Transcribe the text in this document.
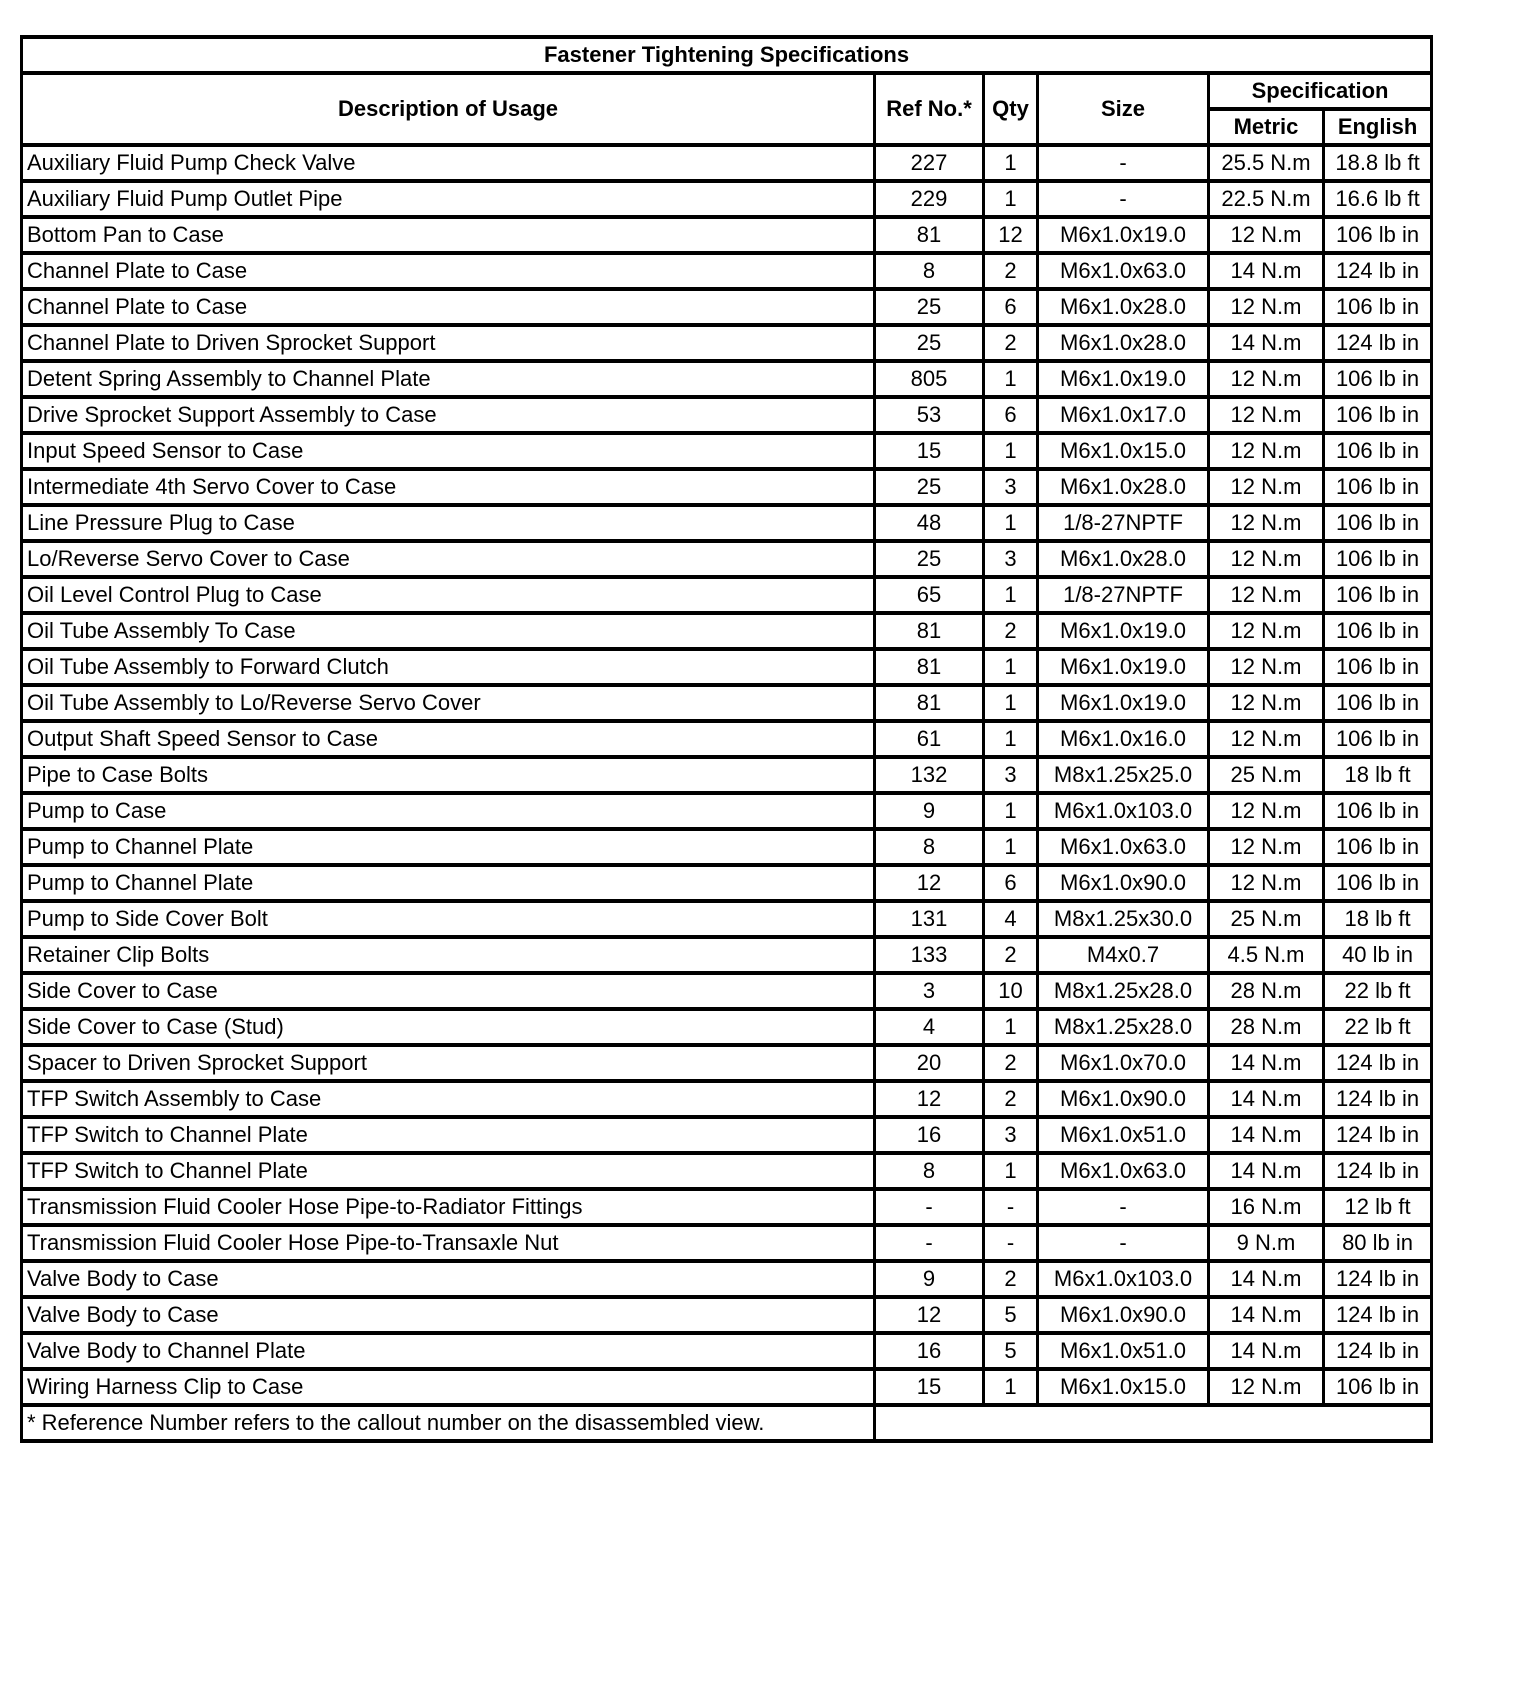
Fastener Tightening Specifications					
Description of Usage	Ref No.*	Qty	Size	Specification	
				Metric	English
Auxiliary Fluid Pump Check Valve	227	1	-	25.5 N.m	18.8 lb ft
Auxiliary Fluid Pump Outlet Pipe	229	1	-	22.5 N.m	16.6 lb ft
Bottom Pan to Case	81	12	M6x1.0x19.0	12 N.m	106 lb in
Channel Plate to Case	8	2	M6x1.0x63.0	14 N.m	124 lb in
Channel Plate to Case	25	6	M6x1.0x28.0	12 N.m	106 lb in
Channel Plate to Driven Sprocket Support	25	2	M6x1.0x28.0	14 N.m	124 lb in
Detent Spring Assembly to Channel Plate	805	1	M6x1.0x19.0	12 N.m	106 lb in
Drive Sprocket Support Assembly to Case	53	6	M6x1.0x17.0	12 N.m	106 lb in
Input Speed Sensor to Case	15	1	M6x1.0x15.0	12 N.m	106 lb in
Intermediate 4th Servo Cover to Case	25	3	M6x1.0x28.0	12 N.m	106 lb in
Line Pressure Plug to Case	48	1	1/8-27NPTF	12 N.m	106 lb in
Lo/Reverse Servo Cover to Case	25	3	M6x1.0x28.0	12 N.m	106 lb in
Oil Level Control Plug to Case	65	1	1/8-27NPTF	12 N.m	106 lb in
Oil Tube Assembly To Case	81	2	M6x1.0x19.0	12 N.m	106 lb in
Oil Tube Assembly to Forward Clutch	81	1	M6x1.0x19.0	12 N.m	106 lb in
Oil Tube Assembly to Lo/Reverse Servo Cover	81	1	M6x1.0x19.0	12 N.m	106 lb in
Output Shaft Speed Sensor to Case	61	1	M6x1.0x16.0	12 N.m	106 lb in
Pipe to Case Bolts	132	3	M8x1.25x25.0	25 N.m	18 lb ft
Pump to Case	9	1	M6x1.0x103.0	12 N.m	106 lb in
Pump to Channel Plate	8	1	M6x1.0x63.0	12 N.m	106 lb in
Pump to Channel Plate	12	6	M6x1.0x90.0	12 N.m	106 lb in
Pump to Side Cover Bolt	131	4	M8x1.25x30.0	25 N.m	18 lb ft
Retainer Clip Bolts	133	2	M4x0.7	4.5 N.m	40 lb in
Side Cover to Case	3	10	M8x1.25x28.0	28 N.m	22 lb ft
Side Cover to Case (Stud)	4	1	M8x1.25x28.0	28 N.m	22 lb ft
Spacer to Driven Sprocket Support	20	2	M6x1.0x70.0	14 N.m	124 lb in
TFP Switch Assembly to Case	12	2	M6x1.0x90.0	14 N.m	124 lb in
TFP Switch to Channel Plate	16	3	M6x1.0x51.0	14 N.m	124 lb in
TFP Switch to Channel Plate	8	1	M6x1.0x63.0	14 N.m	124 lb in
Transmission Fluid Cooler Hose Pipe-to-Radiator Fittings	-	-	-	16 N.m	12 lb ft
Transmission Fluid Cooler Hose Pipe-to-Transaxle Nut	-	-	-	9 N.m	80 lb in
Valve Body to Case	9	2	M6x1.0x103.0	14 N.m	124 lb in
Valve Body to Case	12	5	M6x1.0x90.0	14 N.m	124 lb in
Valve Body to Channel Plate	16	5	M6x1.0x51.0	14 N.m	124 lb in
Wiring Harness Clip to Case	15	1	M6x1.0x15.0	12 N.m	106 lb in
* Reference Number refers to the callout number on the disassembled view.					
